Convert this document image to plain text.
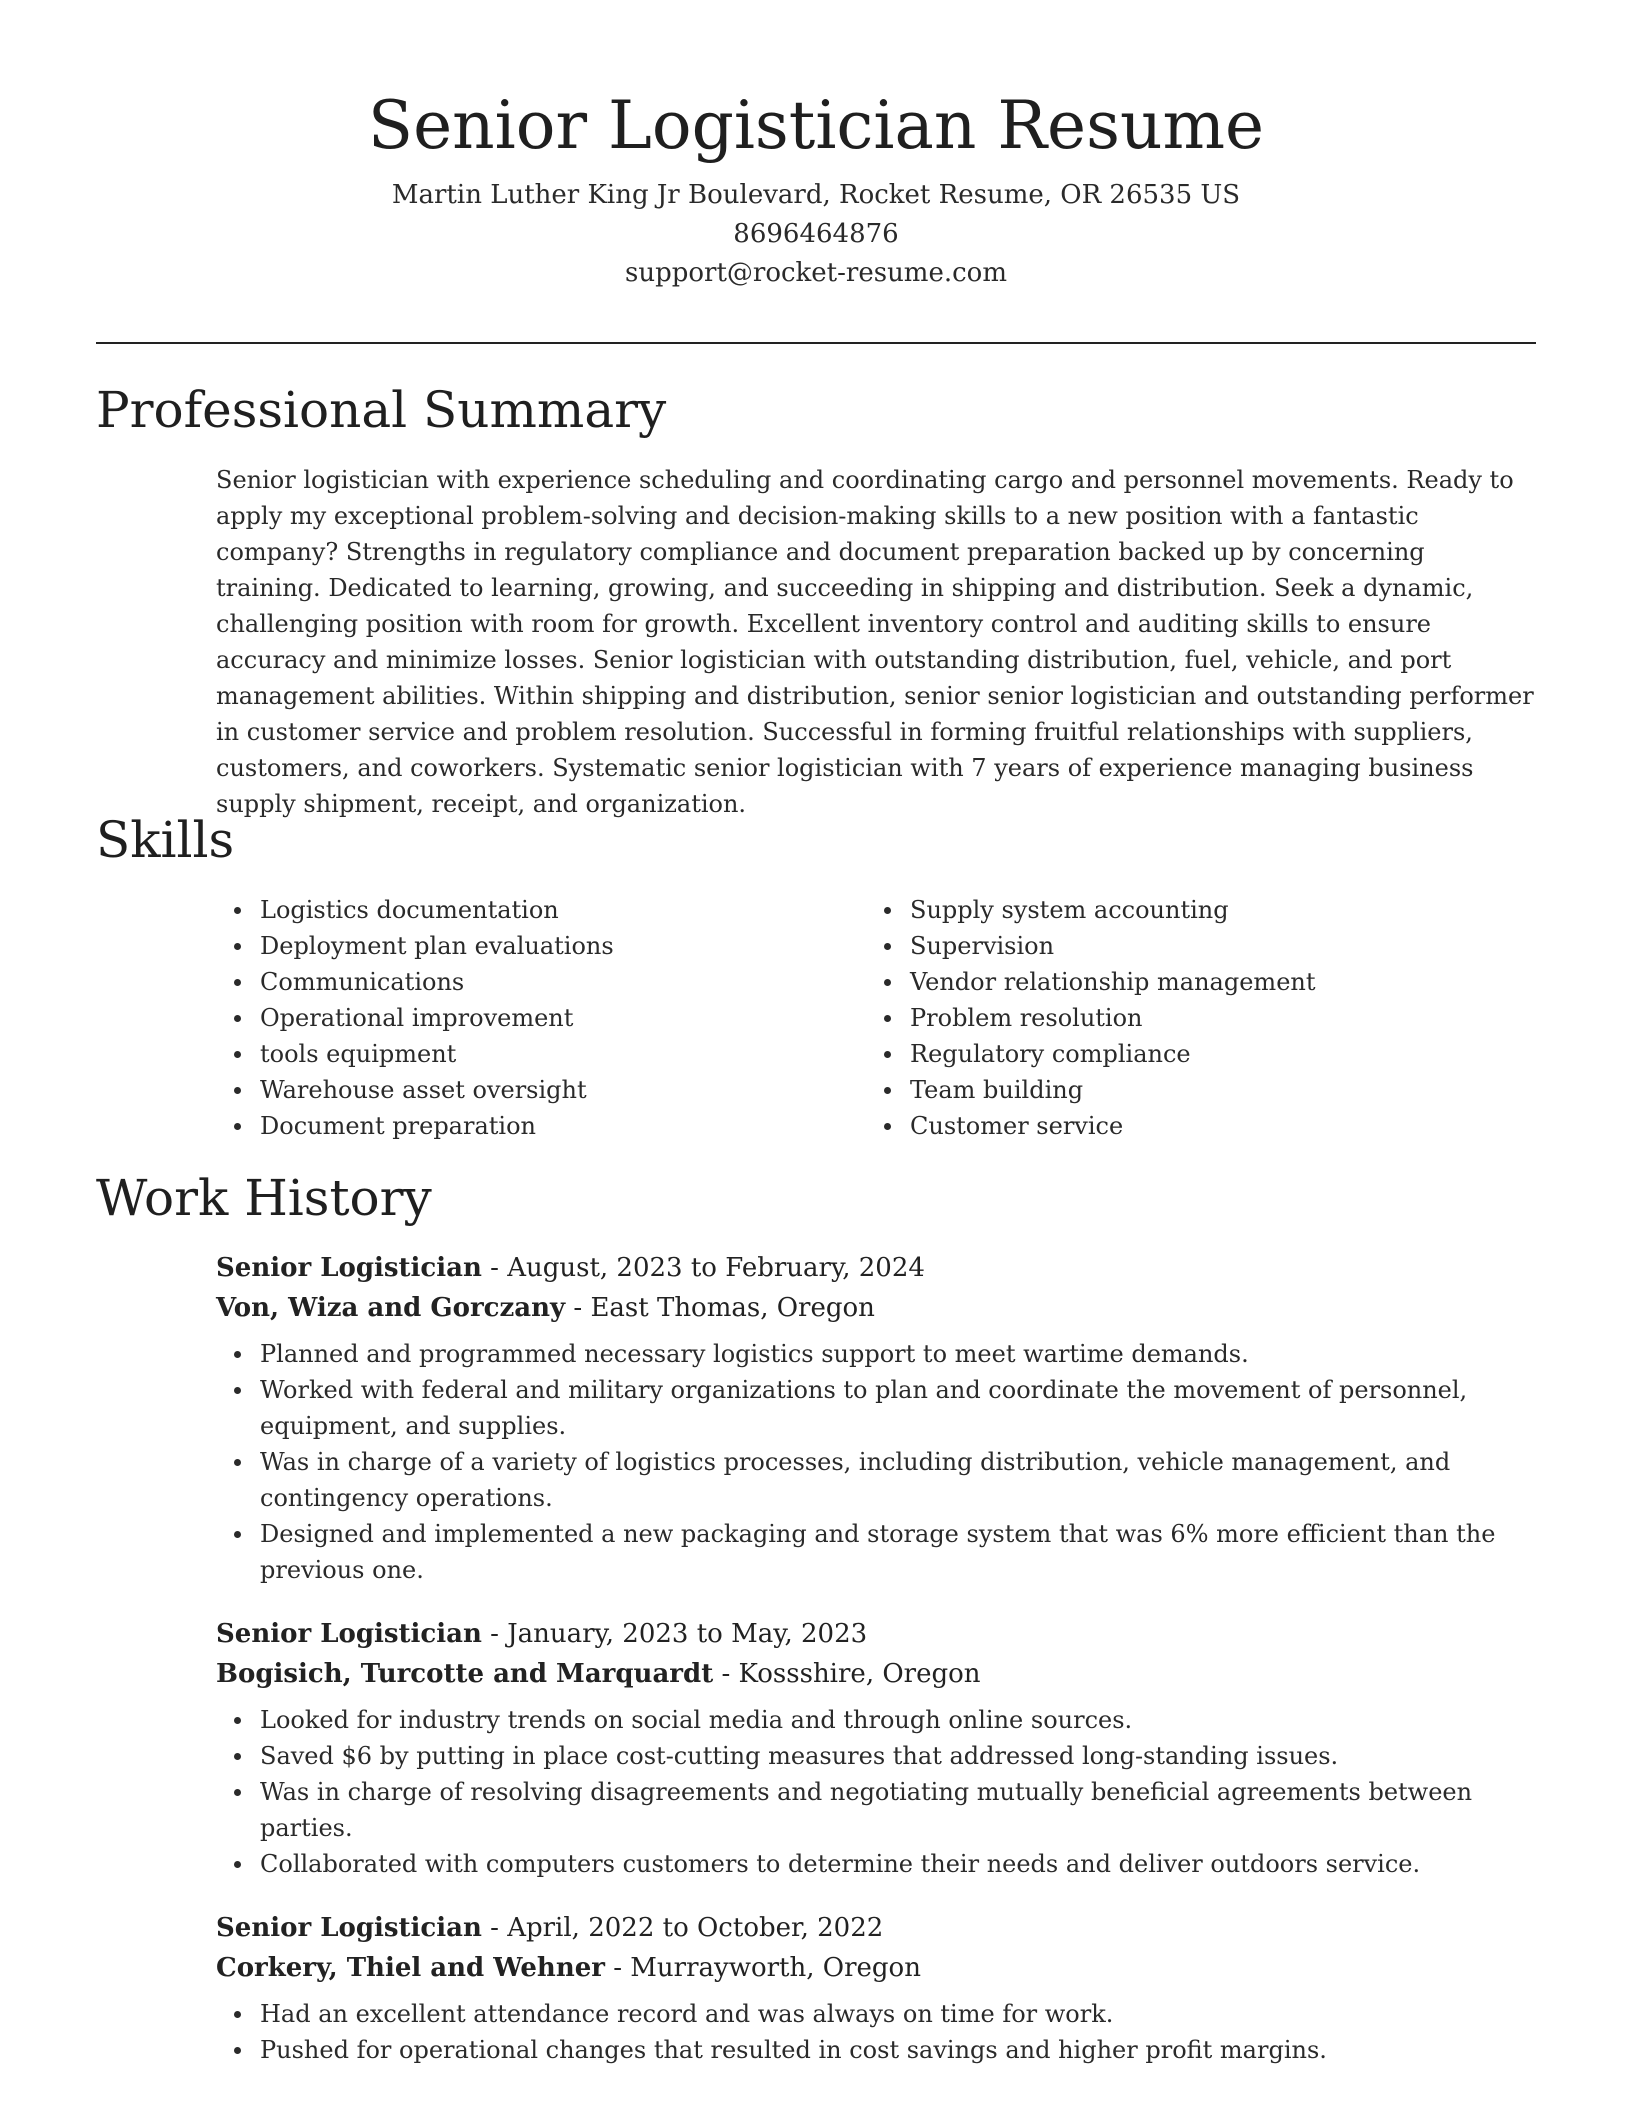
Senior Logistician Resume
Martin Luther King Jr Boulevard, Rocket Resume, OR 26535 US
8696464876
support@rocket-resume.com
Professional Summary

Senior logistician with experience scheduling and coordinating cargo and personnel movements. Ready to apply my exceptional problem-solving and decision-making skills to a new position with a fantastic company? Strengths in regulatory compliance and document preparation backed up by concerning training. Dedicated to learning, growing, and succeeding in shipping and distribution. Seek a dynamic, challenging position with room for growth. Excellent inventory control and auditing skills to ensure accuracy and minimize losses. Senior logistician with outstanding distribution, fuel, vehicle, and port management abilities. Within shipping and distribution, senior senior logistician and outstanding performer in customer service and problem resolution. Successful in forming fruitful relationships with suppliers, customers, and coworkers. Systematic senior logistician with 7 years of experience managing business supply shipment, receipt, and organization.

Skills
Logistics documentation
Deployment plan evaluations
Communications
Operational improvement
tools equipment
Warehouse asset oversight
Document preparation
Supply system accounting
Supervision
Vendor relationship management
Problem resolution
Regulatory compliance
Team building
Customer service
Work History
Senior Logistician - August, 2023 to February, 2024
Von, Wiza and Gorczany - East Thomas, Oregon
Planned and programmed necessary logistics support to meet wartime demands.
Worked with federal and military organizations to plan and coordinate the movement of personnel, equipment, and supplies.
Was in charge of a variety of logistics processes, including distribution, vehicle management, and contingency operations.
Designed and implemented a new packaging and storage system that was 6% more efficient than the previous one.
Senior Logistician - January, 2023 to May, 2023
Bogisich, Turcotte and Marquardt - Kossshire, Oregon
Looked for industry trends on social media and through online sources.
Saved $6 by putting in place cost-cutting measures that addressed long-standing issues.
Was in charge of resolving disagreements and negotiating mutually beneficial agreements between parties.
Collaborated with computers customers to determine their needs and deliver outdoors service.
Senior Logistician - April, 2022 to October, 2022
Corkery, Thiel and Wehner - Murrayworth, Oregon
Had an excellent attendance record and was always on time for work.
Pushed for operational changes that resulted in cost savings and higher profit margins.
